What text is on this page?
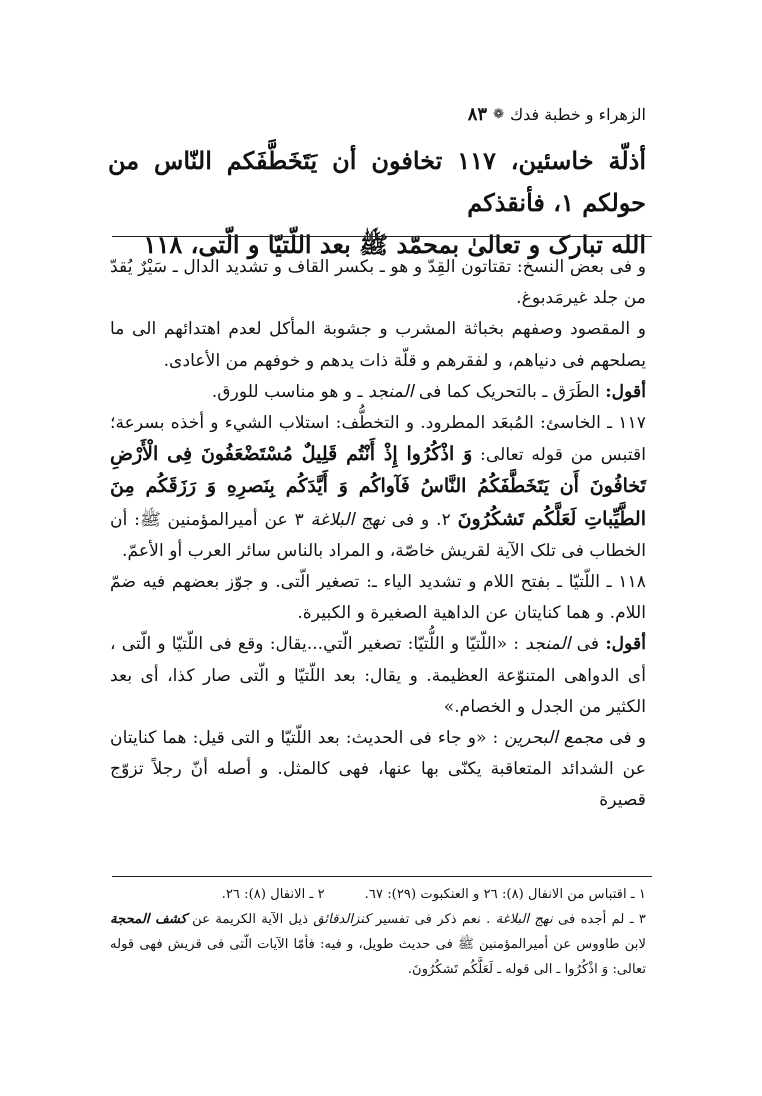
الزهراء و خطبة فدك
❁
٨٣

أذلّة خاسئين، ١١٧ تخافون أن يَتَخَطَّفَكم النّاس من حولكم ١، فأنقذكم

الله تبارک و تعالىٰ بمحمّد ﷺ بعد اللّتيّا و الّتى، ١١٨

و فى بعض النسخ: تقتاتون القِدّ و هو ـ بكسر القاف و تشديد الدال ـ سَيْرٌ يُقدّ من جلد غيرمَدبوغ.

و المقصود وصفهم بخباثة المشرب و جشوبة المأكل لعدم اهتدائهم الى ما يصلحهم فى دنياهم، و لفقرهم و قلّة ذات يدهم و خوفهم من الأعادى.

أقول: الطَرَق ـ بالتحريک كما فى المنجد ـ و هو مناسب للورق.

١١٧ ـ الخاسئ: المُبعَد المطرود. و التخطُّف: استلاب الشيء و أخذه بسرعة؛ اقتبس من قوله تعالى: وَ اذْكُرُوا إِذْ أَنْتُم قَلِيلٌ مُسْتَضْعَفُونَ فِى الْأَرْضِ تَخافُونَ أَن يَتَخَطَّفَكُمُ النَّاسُ فَآواكُم وَ أَيَّدَكُم بِنَصرِهِ وَ رَزَقَكُم مِنَ الطَّيِّباتِ لَعَلَّكُم تَشكُرُونَ ٢. و فى نهج البلاغة ٣ عن أميرالمؤمنين ﷺ: أن الخطاب فى تلک الآية لقريش خاصّة، و المراد بالناس سائر العرب أو الأعمّ.

١١٨ ـ اللّتيّا ـ بفتح اللام و تشديد الياء ـ: تصغير الّتى. و جوّز بعضهم فيه ضمّ اللام. و هما كنايتان عن الداهية الصغيرة و الكبيرة.

أقول: فى المنجد : «اللّتيّا و اللُّتيّا: تصغير الّتي...يقال: وقع فى اللّتيّا و الّتى ، أى الدواهى المتنوّعة العظيمة. و يقال: بعد اللّتيّا و الّتى صار كذا، أى بعد الكثير من الجدل و الخصام.»

و فى مجمع البحرين : «و جاء فى الحديث: بعد اللّتيّا و التى قيل: هما كنايتان عن الشدائد المتعاقبة يكنّى بها عنها، فهى كالمثل. و أصله أنّ رجلاً تزوّج قصيرة

١ ـ اقتباس من الانفال (٨): ٢٦ و العنكبوت (٢٩): ٦٧.
٢ ـ الانفال (٨): ٢٦.

٣ ـ لم أجده فى نهج البلاغة . نعم ذكر فى تفسير كنزالدقائق ذيل الآية الكريمة عن كشف المحجة لابن طاووس عن أميرالمؤمنين ﷺ فى حديث طويل، و فيه: فأمّا الآيات الّتى فى قريش فهى قوله تعالى: وَ اذْكُرُوا ـ الى قوله ـ لَعَلَّكُم تَشكُرُونَ.
